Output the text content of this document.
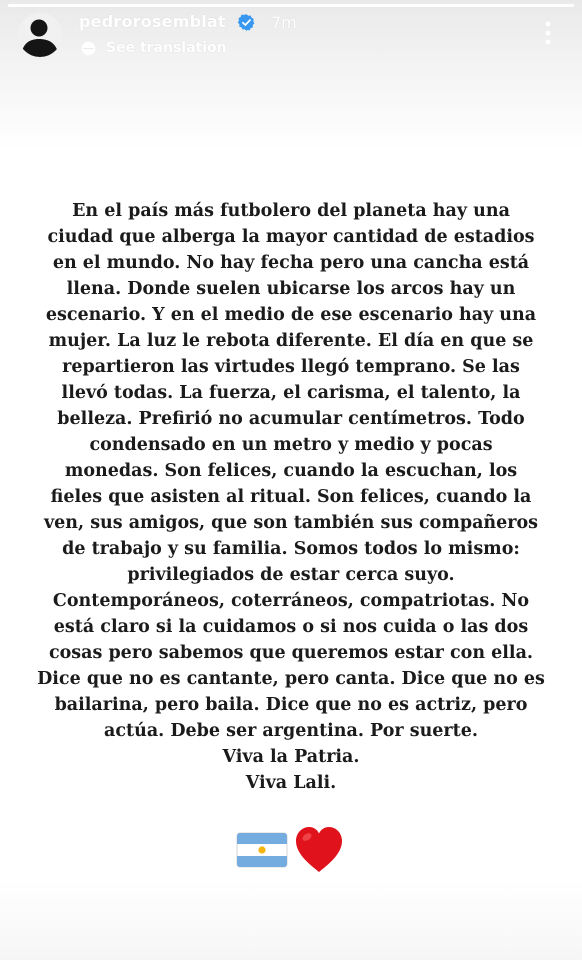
pedrorosemblat	7m
See translation

En el país más futbolero del planeta hay una
ciudad que alberga la mayor cantidad de estadios
en el mundo. No hay fecha pero una cancha está
llena. Donde suelen ubicarse los arcos hay un
escenario. Y en el medio de ese escenario hay una
mujer. La luz le rebota diferente. El día en que se
repartieron las virtudes llegó temprano. Se las
llevó todas. La fuerza, el carisma, el talento, la
belleza. Prefirió no acumular centímetros. Todo
condensado en un metro y medio y pocas
monedas. Son felices, cuando la escuchan, los
fieles que asisten al ritual. Son felices, cuando la
ven, sus amigos, que son también sus compañeros
de trabajo y su familia. Somos todos lo mismo:
privilegiados de estar cerca suyo.
Contemporáneos, coterráneos, compatriotas. No
está claro si la cuidamos o si nos cuida o las dos
cosas pero sabemos que queremos estar con ella.
Dice que no es cantante, pero canta. Dice que no es
bailarina, pero baila. Dice que no es actriz, pero
actúa. Debe ser argentina. Por suerte.
Viva la Patria.
Viva Lali.
